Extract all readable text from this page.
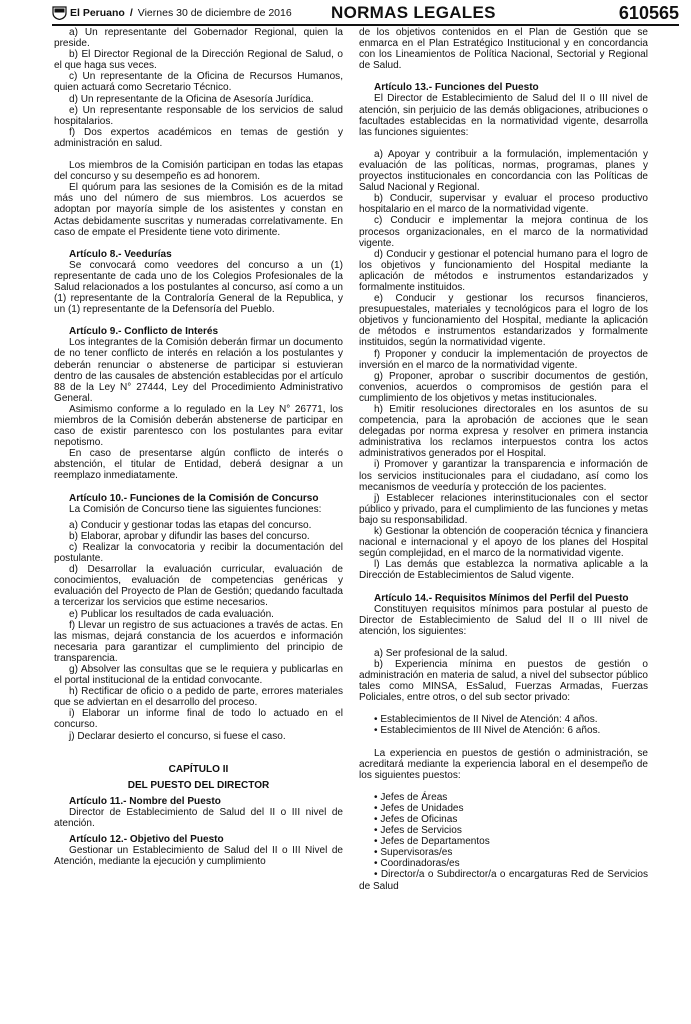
El Peruano / Viernes 30 de diciembre de 2016 NORMAS LEGALES	610565

a) Un representante del Gobernador Regional, quien la preside.

b) El Director Regional de la Dirección Regional de Salud, o el que haga sus veces.

c) Un representante de la Oficina de Recursos Humanos, quien actuará como Secretario Técnico.

d) Un representante de la Oficina de Asesoría Jurídica.

e) Un representante responsable de los servicios de salud hospitalarios.

f) Dos expertos académicos en temas de gestión y administración en salud.

Los miembros de la Comisión participan en todas las etapas del concurso y su desempeño es ad honorem.

El quórum para las sesiones de la Comisión es de la mitad más uno del número de sus miembros. Los acuerdos se adoptan por mayoría simple de los asistentes y constan en Actas debidamente suscritas y numeradas correlativamente. En caso de empate el Presidente tiene voto dirimente.

Artículo 8.- Veedurías

Se convocará como veedores del concurso a un (1) representante de cada uno de los Colegios Profesionales de la Salud relacionados a los postulantes al concurso, así como a un (1) representante de la Contraloría General de la Republica, y un (1) representante de la Defensoría del Pueblo.

Artículo 9.- Conflicto de Interés

Los integrantes de la Comisión deberán firmar un documento de no tener conflicto de interés en relación a los postulantes y deberán renunciar o abstenerse de participar si estuvieran dentro de las causales de abstención establecidas por el artículo 88 de la Ley N° 27444, Ley del Procedimiento Administrativo General.

Asimismo conforme a lo regulado en la Ley N° 26771, los miembros de la Comisión deberán abstenerse de participar en caso de existir parentesco con los postulantes para evitar nepotismo.

En caso de presentarse algún conflicto de interés o abstención, el titular de Entidad, deberá designar a un reemplazo inmediatamente.

Artículo 10.- Funciones de la Comisión de Concurso

La Comisión de Concurso tiene las siguientes funciones:

a) Conducir y gestionar todas las etapas del concurso.

b) Elaborar, aprobar y difundir las bases del concurso.

c) Realizar la convocatoria y recibir la documentación del postulante.

d) Desarrollar la evaluación curricular, evaluación de conocimientos, evaluación de competencias genéricas y evaluación del Proyecto de Plan de Gestión; quedando facultada a tercerizar los servicios que estime necesarios.

e) Publicar los resultados de cada evaluación.

f) Llevar un registro de sus actuaciones a través de actas. En las mismas, dejará constancia de los acuerdos e información necesaria para garantizar el cumplimiento del principio de transparencia.

g) Absolver las consultas que se le requiera y publicarlas en el portal institucional de la entidad convocante.

h) Rectificar de oficio o a pedido de parte, errores materiales que se adviertan en el desarrollo del proceso.

i) Elaborar un informe final de todo lo actuado en el concurso.

j) Declarar desierto el concurso, si fuese el caso.

CAPÍTULO II

DEL PUESTO DEL DIRECTOR

Artículo 11.- Nombre del Puesto

Director de Establecimiento de Salud del II o III nivel de atención.

Artículo 12.- Objetivo del Puesto

Gestionar un Establecimiento de Salud del II o III Nivel de Atención, mediante la ejecución y cumplimiento

de los objetivos contenidos en el Plan de Gestión que se enmarca en el Plan Estratégico Institucional y en concordancia con los Lineamientos de Política Nacional, Sectorial y Regional de Salud.

Artículo 13.- Funciones del Puesto

El Director de Establecimiento de Salud del II o III nivel de atención, sin perjuicio de las demás obligaciones, atribuciones o facultades establecidas en la normatividad vigente, desarrolla las funciones siguientes:

a) Apoyar y contribuir a la formulación, implementación y evaluación de las políticas, normas, programas, planes y proyectos institucionales en concordancia con las Políticas de Salud Nacional y Regional.

b) Conducir, supervisar y evaluar el proceso productivo hospitalario en el marco de la normatividad vigente.

c) Conducir e implementar la mejora continua de los procesos organizacionales, en el marco de la normatividad vigente.

d) Conducir y gestionar el potencial humano para el logro de los objetivos y funcionamiento del Hospital mediante la aplicación de métodos e instrumentos estandarizados y formalmente instituidos.

e) Conducir y gestionar los recursos financieros, presupuestales, materiales y tecnológicos para el logro de los objetivos y funcionamiento del Hospital, mediante la aplicación de métodos e instrumentos estandarizados y formalmente instituidos, según la normatividad vigente.

f) Proponer y conducir la implementación de proyectos de inversión en el marco de la normatividad vigente.

g) Proponer, aprobar o suscribir documentos de gestión, convenios, acuerdos o compromisos de gestión para el cumplimiento de los objetivos y metas institucionales.

h) Emitir resoluciones directorales en los asuntos de su competencia, para la aprobación de acciones que le sean delegadas por norma expresa y resolver en primera instancia administrativa los reclamos interpuestos contra los actos administrativos generados por el Hospital.

i) Promover y garantizar la transparencia e información de los servicios institucionales para el ciudadano, así como los mecanismos de veeduría y protección de los pacientes.

j) Establecer relaciones interinstitucionales con el sector público y privado, para el cumplimiento de las funciones y metas bajo su responsabilidad.

k) Gestionar la obtención de cooperación técnica y financiera nacional e internacional y el apoyo de los planes del Hospital según complejidad, en el marco de la normatividad vigente.

l) Las demás que establezca la normativa aplicable a la Dirección de Establecimientos de Salud vigente.

Artículo 14.- Requisitos Mínimos del Perfil del Puesto

Constituyen requisitos mínimos para postular al puesto de Director de Establecimiento de Salud del II o III nivel de atención, los siguientes:

a) Ser profesional de la salud.

b) Experiencia mínima en puestos de gestión o administración en materia de salud, a nivel del subsector público tales como MINSA, EsSalud, Fuerzas Armadas, Fuerzas Policiales, entre otros, o del sub sector privado:

• Establecimientos de II Nivel de Atención: 4 años.
• Establecimientos de III Nivel de Atención: 6 años.

La experiencia en puestos de gestión o administración, se acreditará mediante la experiencia laboral en el desempeño de los siguientes puestos:

• Jefes de Áreas
• Jefes de Unidades
• Jefes de Oficinas
• Jefes de Servicios
• Jefes de Departamentos
• Supervisoras/es
• Coordinadoras/es
• Director/a o Subdirector/a o encargaturas Red de Servicios de Salud
